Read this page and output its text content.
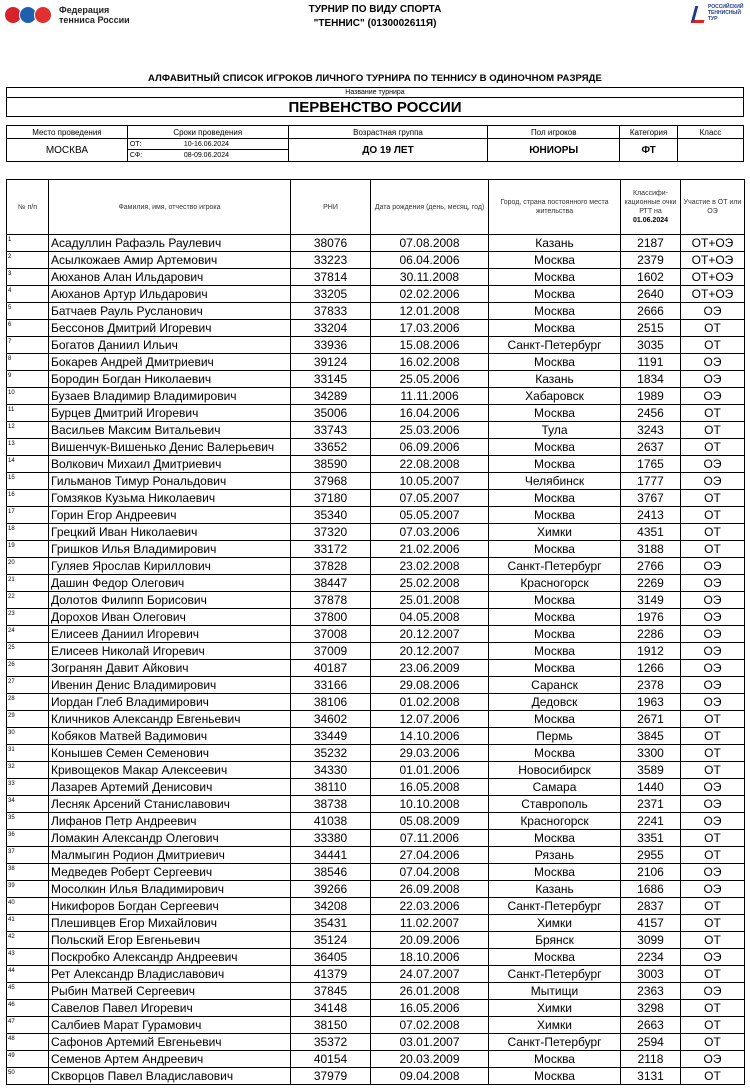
Федерация
тенниса России
ТУРНИР ПО ВИДУ СПОРТА
"ТЕННИС" (0130002611Я)
РОССИЙСКИЙ ТЕННИСНЫЙ ТУР
АЛФАВИТНЫЙ СПИСОК ИГРОКОВ ЛИЧНОГО ТУРНИРА ПО ТЕННИСУ В ОДИНОЧНОМ РАЗРЯДЕ
Название турнира
ПЕРВЕНСТВО РОССИИ
Место проведения	Сроки проведения	Возрастная группа	Пол игроков	Категория	Класс
МОСКВА	ОТ: 10-16.06.2024
СФ: 08-09.06.2024	ДО 19 ЛЕТ	ЮНИОРЫ	ФТ	
№ п/п	Фамилия, имя, отчество игрока	РНИ	Дата рождения (день, месяц, год)	Город, страна постоянного места жительства	Классифи-кационные очки РТТ на
01.06.2024	Участие в ОТ или ОЭ
1	Асадуллин Рафаэль Раулевич	38076	07.08.2008	Казань	2187	ОТ+ОЭ
2	Асылкожаев Амир Артемович	33223	06.04.2006	Москва	2379	ОТ+ОЭ
3	Аюханов Алан Ильдарович	37814	30.11.2008	Москва	1602	ОТ+ОЭ
4	Аюханов Артур Ильдарович	33205	02.02.2006	Москва	2640	ОТ+ОЭ
5	Батчаев Рауль Русланович	37833	12.01.2008	Москва	2666	ОЭ
6	Бессонов Дмитрий Игоревич	33204	17.03.2006	Москва	2515	ОТ
7	Богатов Даниил Ильич	33936	15.08.2006	Санкт-Петербург	3035	ОТ
8	Бокарев Андрей Дмитриевич	39124	16.02.2008	Москва	1191	ОЭ
9	Бородин Богдан Николаевич	33145	25.05.2006	Казань	1834	ОЭ
10	Бузаев Владимир Владимирович	34289	11.11.2006	Хабаровск	1989	ОЭ
11	Бурцев Дмитрий Игоревич	35006	16.04.2006	Москва	2456	ОТ
12	Васильев Максим Витальевич	33743	25.03.2006	Тула	3243	ОТ
13	Вишенчук-Вишенько Денис Валерьевич	33652	06.09.2006	Москва	2637	ОТ
14	Волкович Михаил Дмитриевич	38590	22.08.2008	Москва	1765	ОЭ
15	Гильманов Тимур Рональдович	37968	10.05.2007	Челябинск	1777	ОЭ
16	Гомзяков Кузьма Николаевич	37180	07.05.2007	Москва	3767	ОТ
17	Горин Егор Андреевич	35340	05.05.2007	Москва	2413	ОТ
18	Грецкий Иван Николаевич	37320	07.03.2006	Химки	4351	ОТ
19	Гришков Илья Владимирович	33172	21.02.2006	Москва	3188	ОТ
20	Гуляев Ярослав Кириллович	37828	23.02.2008	Санкт-Петербург	2766	ОЭ
21	Дашин Федор Олегович	38447	25.02.2008	Красногорск	2269	ОЭ
22	Долотов Филипп Борисович	37878	25.01.2008	Москва	3149	ОЭ
23	Дорохов Иван Олегович	37800	04.05.2008	Москва	1976	ОЭ
24	Елисеев Даниил Игоревич	37008	20.12.2007	Москва	2286	ОЭ
25	Елисеев Николай Игоревич	37009	20.12.2007	Москва	1912	ОЭ
26	Зогранян Давит Айкович	40187	23.06.2009	Москва	1266	ОЭ
27	Ивенин Денис Владимирович	33166	29.08.2006	Саранск	2378	ОЭ
28	Иордан Глеб Владимирович	38106	01.02.2008	Дедовск	1963	ОЭ
29	Кличников Александр Евгеньевич	34602	12.07.2006	Москва	2671	ОТ
30	Кобяков Матвей Вадимович	33449	14.10.2006	Пермь	3845	ОТ
31	Конышев Семен Семенович	35232	29.03.2006	Москва	3300	ОТ
32	Кривощеков Макар Алексеевич	34330	01.01.2006	Новосибирск	3589	ОТ
33	Лазарев Артемий Денисович	38110	16.05.2008	Самара	1440	ОЭ
34	Лесняк Арсений Станиславович	38738	10.10.2008	Ставрополь	2371	ОЭ
35	Лифанов Петр Андреевич	41038	05.08.2009	Красногорск	2241	ОЭ
36	Ломакин Александр Олегович	33380	07.11.2006	Москва	3351	ОТ
37	Малмыгин Родион Дмитриевич	34441	27.04.2006	Рязань	2955	ОТ
38	Медведев Роберт Сергеевич	38546	07.04.2008	Москва	2106	ОЭ
39	Мосолкин Илья Владимирович	39266	26.09.2008	Казань	1686	ОЭ
40	Никифоров Богдан Сергеевич	34208	22.03.2006	Санкт-Петербург	2837	ОТ
41	Плешивцев Егор Михайлович	35431	11.02.2007	Химки	4157	ОТ
42	Польский Егор Евгеньевич	35124	20.09.2006	Брянск	3099	ОТ
43	Поскробко Александр Андреевич	36405	18.10.2006	Москва	2234	ОЭ
44	Рет Александр Владиславович	41379	24.07.2007	Санкт-Петербург	3003	ОТ
45	Рыбин Матвей Сергеевич	37845	26.01.2008	Мытищи	2363	ОЭ
46	Савелов Павел Игоревич	34148	16.05.2006	Химки	3298	ОТ
47	Салбиев Марат Гурамович	38150	07.02.2008	Химки	2663	ОТ
48	Сафонов Артемий Евгеньевич	35372	03.01.2007	Санкт-Петербург	2594	ОТ
49	Семенов Артем Андреевич	40154	20.03.2009	Москва	2118	ОЭ
50	Скворцов Павел Владиславович	37979	09.04.2008	Москва	3131	ОТ
